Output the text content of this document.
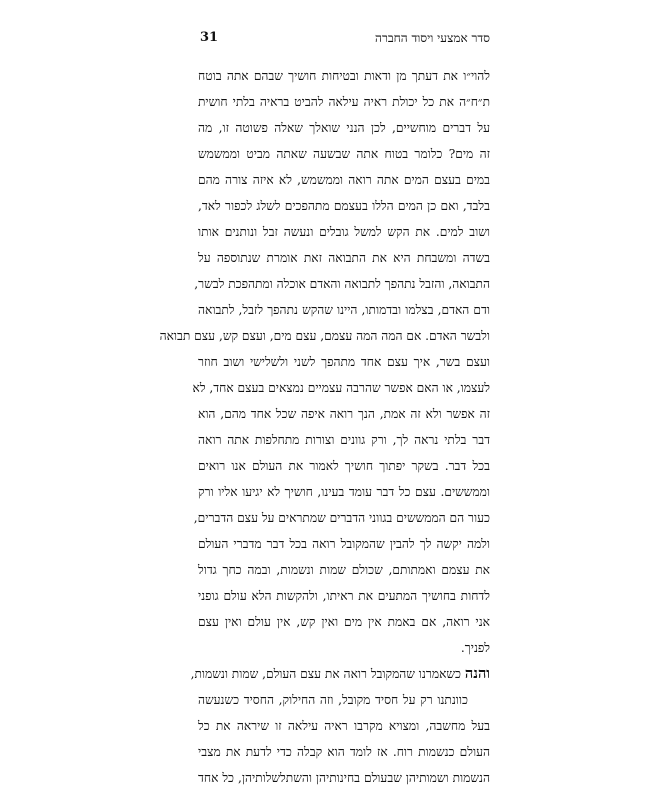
31	סדר אמצעי ויסוד החברה
להוי״ו את דעתך מן ודאות ובטיחות חושיך שבהם אתה בוטח
ת״ח״ה את כל יכולת ראיה עילאה להביט בראיה בלתי חושית
על דברים מוחשיים, לכן הנני שואלך שאלה פשוטה זו, מה
זה מים? כלומר בטוח אתה שבשעה שאתה מביט וממשמש
במים בעצם המים אתה רואה וממשמש, לא איזה צורה מהם
בלבד, ואם כן המים הללו בעצמם מתהפכים לשלג לכפור לאד,
ושוב למים. את הקש למשל גובלים ונעשה זבל ונותנים אותו
בשדה ומשבחת היא את התבואה זאת אומרת שנתוספה על
התבואה, והזבל נתהפך לתבואה והאדם אוכלה ומתהפכת לבשר,
ודם האדם, בצלמו ובדמותו, היינו שהקש נתהפך לזבל, לתבואה
ולבשר האדם. אם המה המה עצמם, עצם מים, ועצם קש, עצם תבואה
ועצם בשר, איך עצם אחד מתהפך לשני ולשלישי ושוב חוזר
לעצמו, או האם אפשר שהרבה עצמיים נמצאים בעצם אחד, לא
זה אפשר ולא זה אמת, הנך רואה איפה שכל אחד מהם, הוא
דבר בלתי נראה לך, ורק גוונים וצורות מתחלפות אתה רואה
בכל דבר. בשקר יפתוך חושיך לאמור את העולם אנו רואים
וממששים. עצם כל דבר עומד בעינו, חושיך לא יגיעו אליו ורק
כעור הם הממששים בגווני הדברים שמתראים על עצם הדברים,
ולמה יקשה לך להבין שהמקובל רואה בכל דבר מדברי העולם
את עצמם ואמתותם, שכולם שמות ונשמות, ובמה כחך גדול
לדחות בחושיך המתעים את ראיתו, ולהקשות הלא עולם גופני
אני רואה, אם באמת אין מים ואין קש, אין עולם ואין עצם
לפניך.
והנה כשאמרנו שהמקובל רואה את עצם העולם, שמות ונשמות,
כוונתנו רק על חסיד מקובל, וזה החילוק, החסיד כשנעשה
בעל מחשבה, ומצויא מקרבו ראיה עילאה זו שיראה את כל
העולם כנשמות רוח. אז לומד הוא קבלה כדי לדעת את מצבי
הנשמות ושמותיהן שבעולם בחינותיהן והשתלשלותיהן, כל אחד
